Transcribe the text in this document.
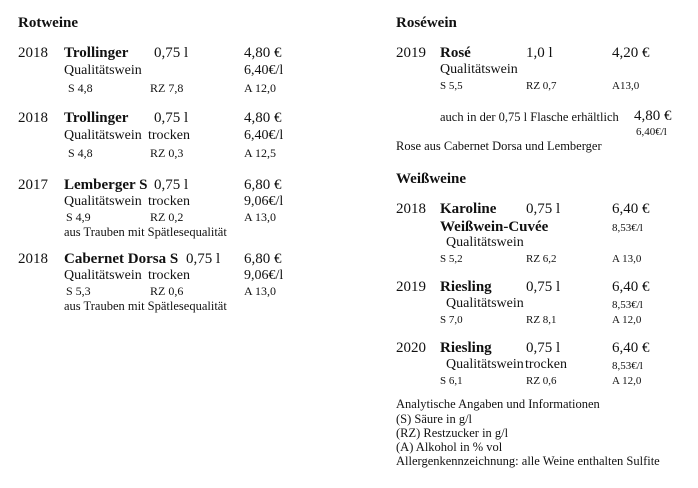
Rotweine
2018 Trollinger 0,75 l	4,80 €
Qualitätswein	6,40€/l
S 4,8	RZ 7,8	A 12,0
2018 Trollinger 0,75 l	4,80 €
Qualitätswein trocken	6,40€/l
S 4,8	RZ 0,3	A 12,5
2017 Lemberger S 0,75 l	6,80 €
Qualitätswein trocken	9,06€/l
S 4,9	RZ 0,2	A 13,0
aus Trauben mit Spätlesequalität
2018 Cabernet Dorsa S 0,75 l 6,80 €
Qualitätswein trocken	9,06€/l
S 5,3	RZ 0,6	A 13,0
aus Trauben mit Spätlesequalität
Roséwein
2019 Rosé	1,0 l	4,20 €
Qualitätswein
S 5,5	RZ 0,7	A13,0
auch in der 0,75 l Flasche erhältlich 4,80 €
6,40€/l
Rose aus Cabernet Dorsa und Lemberger
Weißweine
2018 Karoline 0,75 l	6,40 €
Weißwein-Cuvée	8,53€/l
Qualitätswein
S 5,2	RZ 6,2	A 13,0
2019 Riesling 0,75 l	6,40 €
Qualitätswein	8,53€/l
S 7,0	RZ 8,1	A 12,0
2020 Riesling 0,75 l	6,40 €
Qualitätswein trocken	8,53€/l
S 6,1	RZ 0,6	A 12,0
Analytische Angaben und Informationen
(S) Säure in g/l
(RZ) Restzucker in g/l
(A) Alkohol in % vol
Allergenkennzeichnung: alle Weine enthalten Sulfite
